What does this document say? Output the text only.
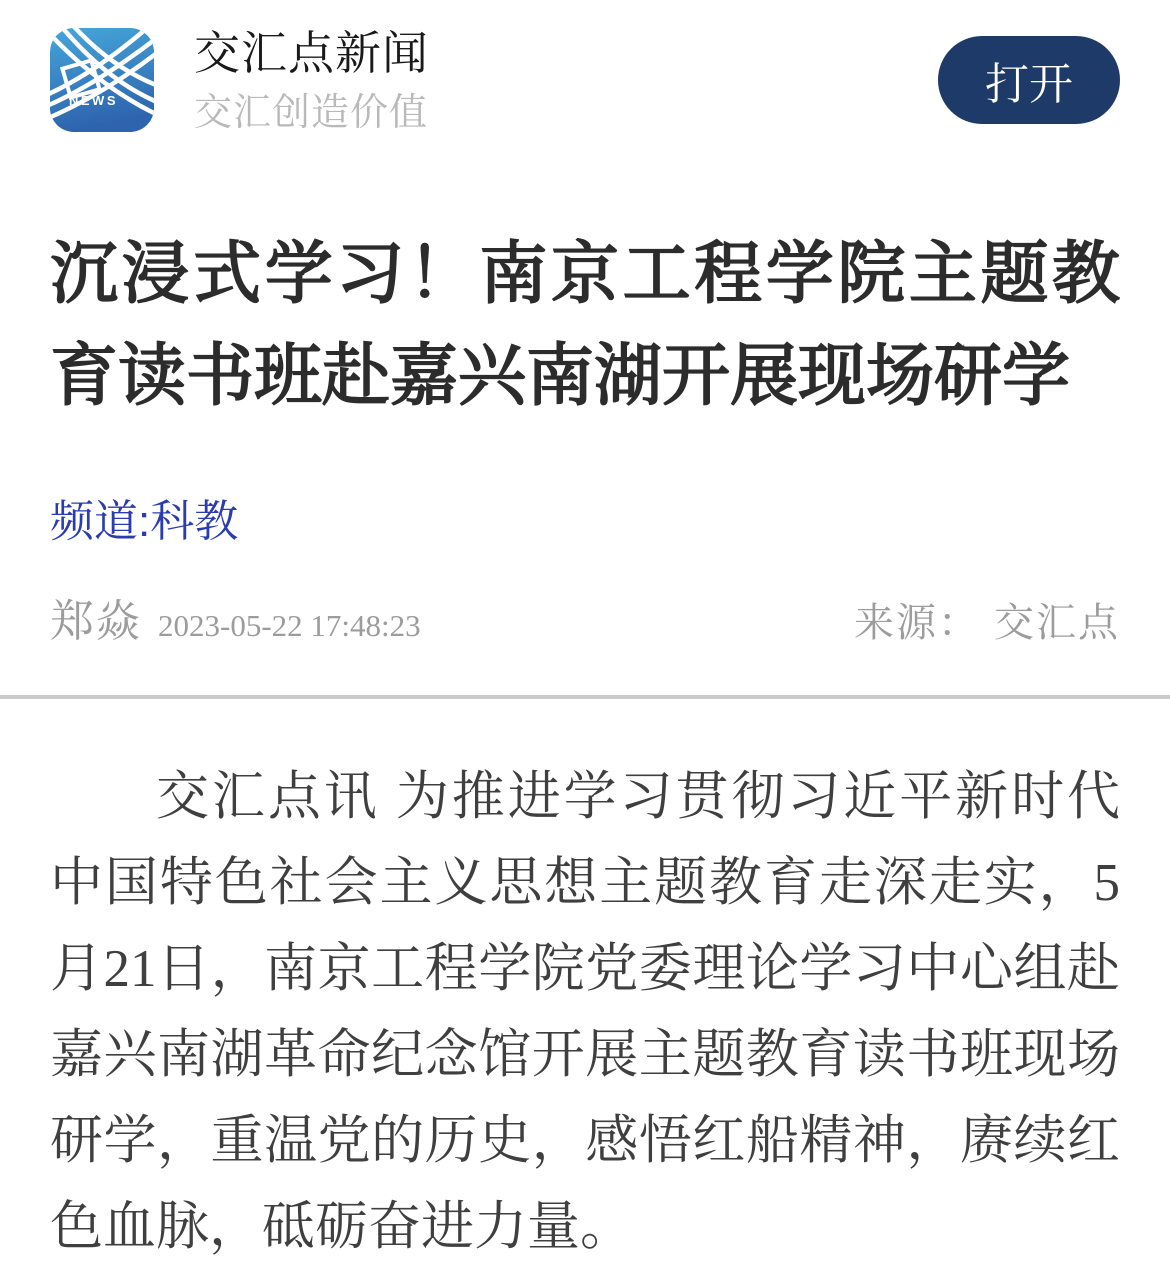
NEWS
交汇点新闻
交汇创造价值
打开
沉浸式学习！南京工程学院主题教育读书班赴嘉兴南湖开展现场研学
频道:科教
郑焱 2023-05-22 17:48:23	来源： 交汇点

交汇点讯 为推进学习贯彻习近平新时代中国特色社会主义思想主题教育走深走实，5月21日，南京工程学院党委理论学习中心组赴嘉兴南湖革命纪念馆开展主题教育读书班现场研学，重温党的历史，感悟红船精神，赓续红色血脉，砥砺奋进力量。
